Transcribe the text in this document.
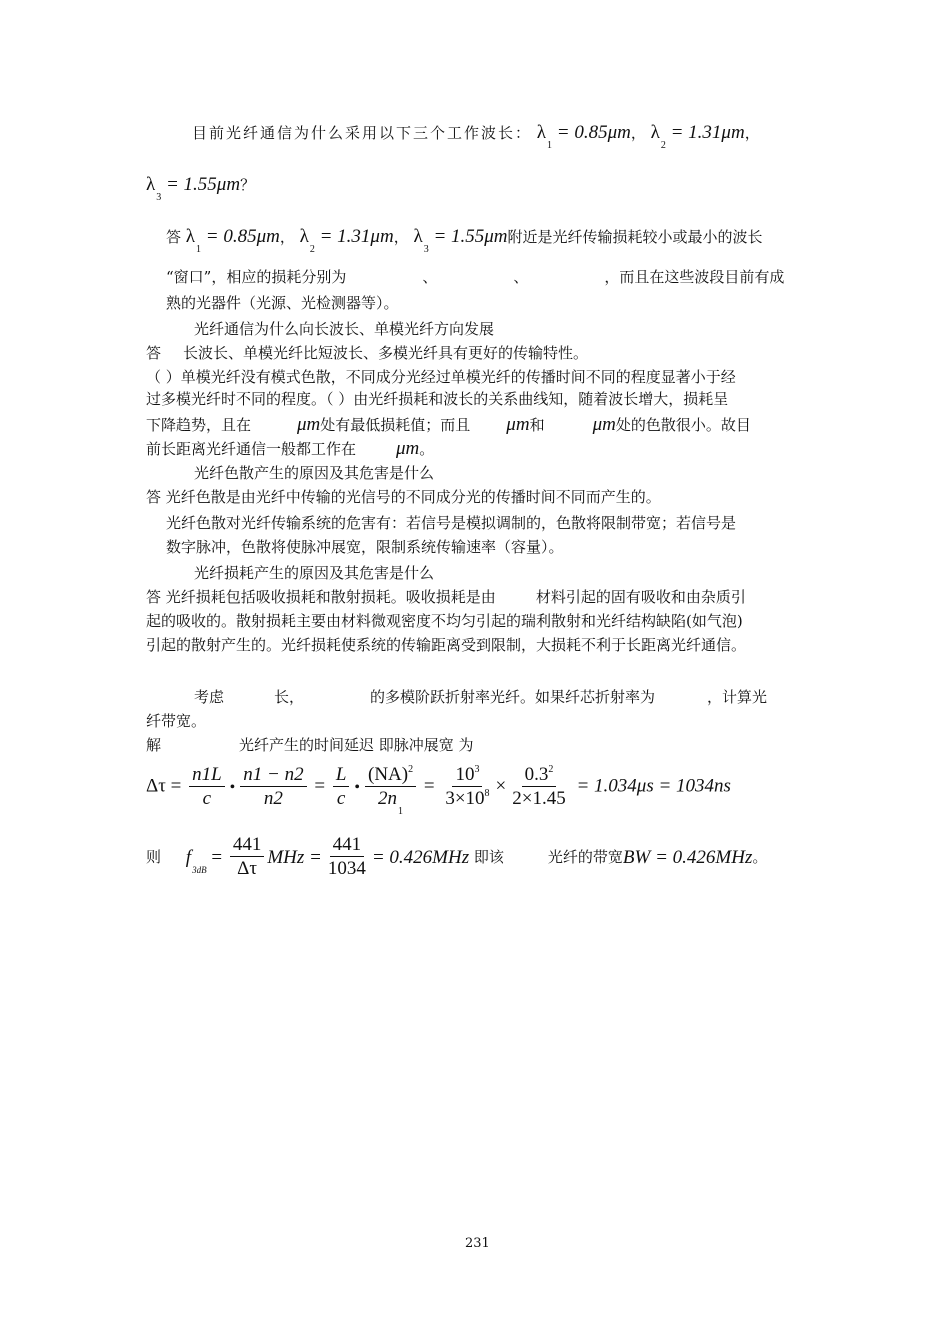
目前光纤通信为什么采用以下三个工作波长： $\lambda_1 = 0.85\mu m$， $\lambda_2 = 1.31\mu m$，
$\lambda_3 = 1.55\mu m$？
答 $\lambda_1 = 0.85\mu m$， $\lambda_2 = 1.31\mu m$， $\lambda_3 = 1.55\mu m$附近是光纤传输损耗较小或最小的波长
“窗口”，相应的损耗分别为	、	、	，而且在这些波段目前有成
熟的光器件（光源、光检测器等）。
光纤通信为什么向长波长、单模光纤方向发展
答 长波长、单模光纤比短波长、多模光纤具有更好的传输特性。
（ ）单模光纤没有模式色散，不同成分光经过单模光纤的传播时间不同的程度显著小于经
过多模光纤时不同的程度。（ ）由光纤损耗和波长的关系曲线知，随着波长增大，损耗呈
下降趋势，且在 μm处有最低损耗值；而且 μm和	μm处的色散很小。故目
前长距离光纤通信一般都工作在 μm。
光纤色散产生的原因及其危害是什么
答 光纤色散是由光纤中传输的光信号的不同成分光的传播时间不同而产生的。
光纤色散对光纤传输系统的危害有：若信号是模拟调制的，色散将限制带宽；若信号是
数字脉冲，色散将使脉冲展宽，限制系统传输速率（容量）。
光纤损耗产生的原因及其危害是什么
答 光纤损耗包括吸收损耗和散射损耗。吸收损耗是由	材料引起的固有吸收和由杂质引
起的吸收的。散射损耗主要由材料微观密度不均匀引起的瑞利散射和光纤结构缺陷(如气泡)
引起的散射产生的。光纤损耗使系统的传输距离受到限制，大损耗不利于长距离光纤通信。
考虑	长，	的多模阶跃折射率光纤。如果纤芯折射率为	，计算光
纤带宽。
解	光纤产生的时间延迟 即脉冲展宽 为
$\Delta\tau = \frac{n1L}{c}$ • $\frac{n1 - n2}{n2} = \frac{L}{c}$ • $\frac{(NA)^2}{2n_1} = \frac{10^3}{3\times 10^8} \times \frac{0.3^2}{2\times 1.45} = 1.034\mu s = 1034ns$
则 $f_{3dB} = \frac{441}{\Delta\tau}$ MHz = $\frac{441}{1034} = 0.426MHz$ 即该	光纤的带宽BW = 0.426MHz。
231
